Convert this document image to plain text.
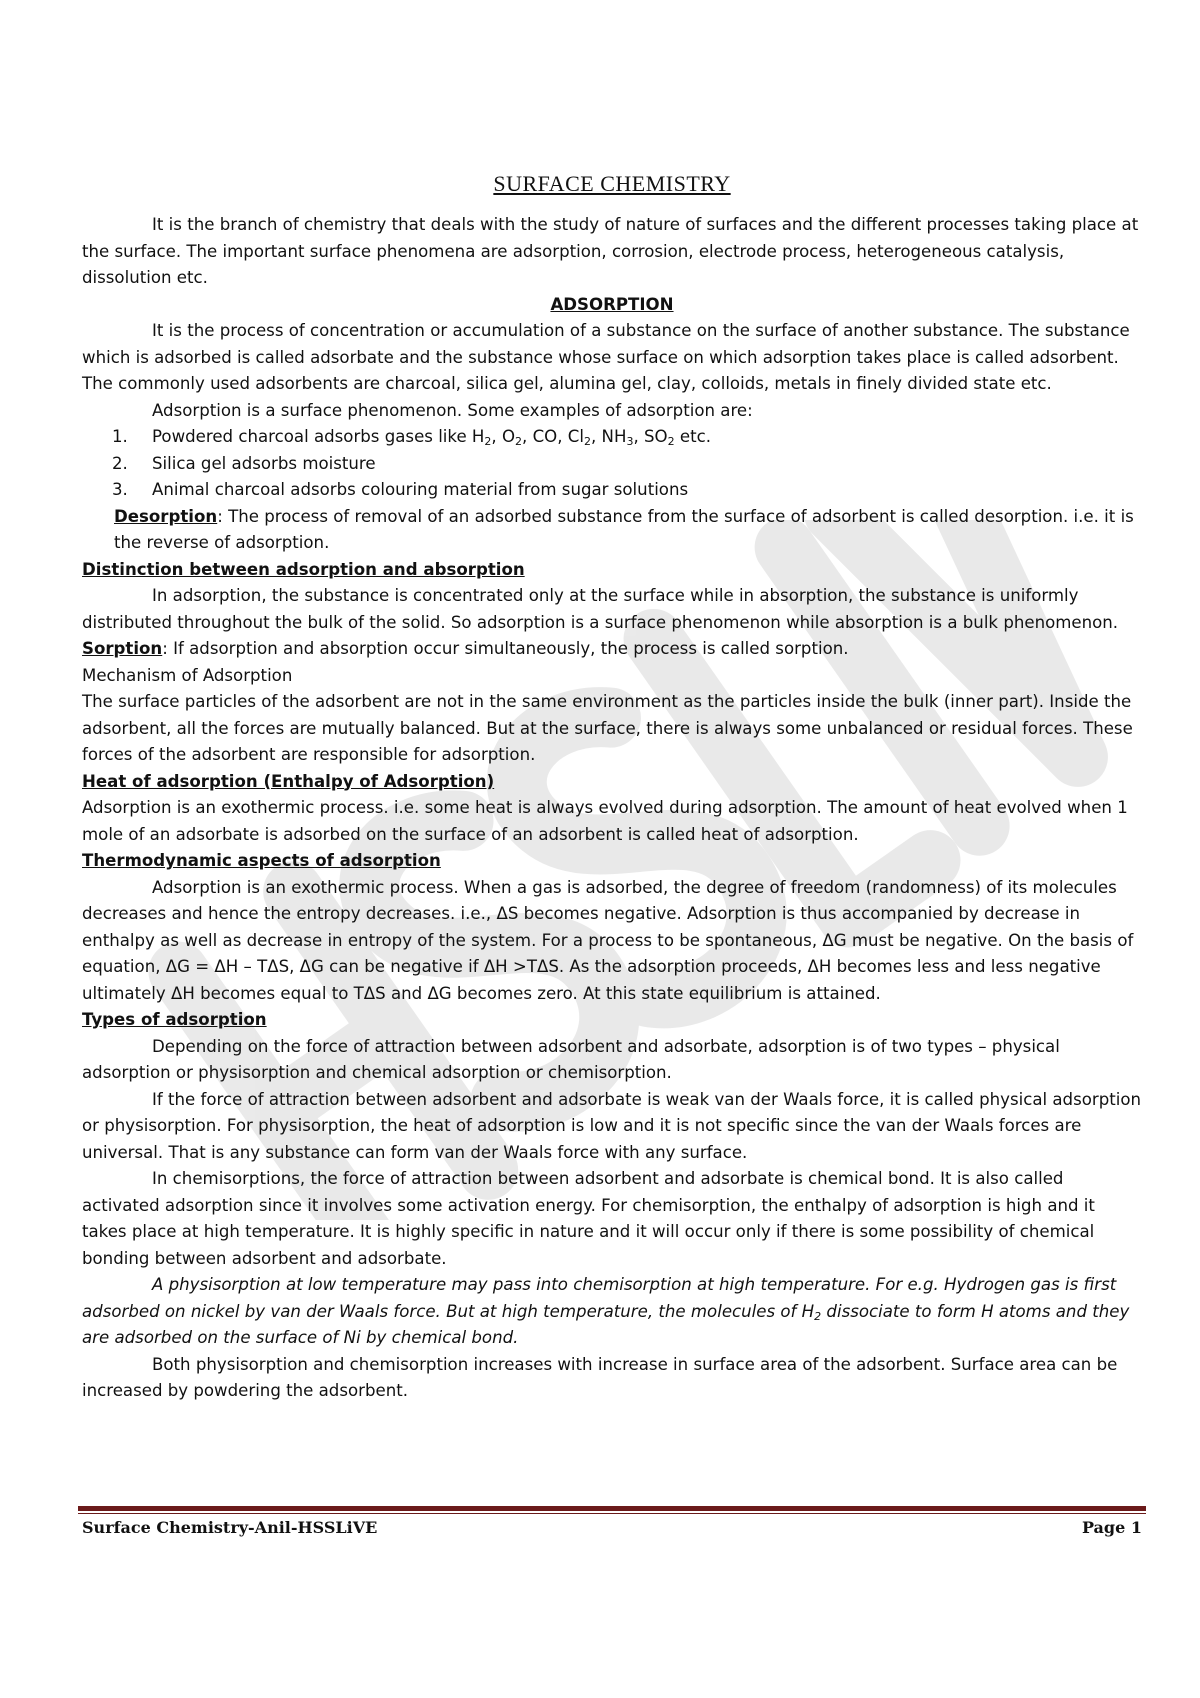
SURFACE CHEMISTRY

It is the branch of chemistry that deals with the study of nature of surfaces and the different processes taking place at the surface. The important surface phenomena are adsorption, corrosion, electrode process, heterogeneous catalysis, dissolution etc.

ADSORPTION

It is the process of concentration or accumulation of a substance on the surface of another substance. The substance which is adsorbed is called adsorbate and the substance whose surface on which adsorption takes place is called adsorbent. The commonly used adsorbents are charcoal, silica gel, alumina gel, clay, colloids, metals in finely divided state etc.

Adsorption is a surface phenomenon. Some examples of adsorption are:

1.	Powdered charcoal adsorbs gases like $H_2$, $O_2$, CO, $Cl_2$, $NH_3$, $SO_2$ etc.
2.	Silica gel adsorbs moisture
3.	Animal charcoal adsorbs colouring material from sugar solutions

Desorption: The process of removal of an adsorbed substance from the surface of adsorbent is called desorption. i.e. it is the reverse of adsorption.

Distinction between adsorption and absorption

In adsorption, the substance is concentrated only at the surface while in absorption, the substance is uniformly distributed throughout the bulk of the solid. So adsorption is a surface phenomenon while absorption is a bulk phenomenon.

Sorption: If adsorption and absorption occur simultaneously, the process is called sorption.

Mechanism of Adsorption

The surface particles of the adsorbent are not in the same environment as the particles inside the bulk (inner part). Inside the adsorbent, all the forces are mutually balanced. But at the surface, there is always some unbalanced or residual forces. These forces of the adsorbent are responsible for adsorption.

Heat of adsorption (Enthalpy of Adsorption)

Adsorption is an exothermic process. i.e. some heat is always evolved during adsorption. The amount of heat evolved when 1 mole of an adsorbate is adsorbed on the surface of an adsorbent is called heat of adsorption.

Thermodynamic aspects of adsorption

Adsorption is an exothermic process. When a gas is adsorbed, the degree of freedom (randomness) of its molecules decreases and hence the entropy decreases. i.e., ΔS becomes negative. Adsorption is thus accompanied by decrease in enthalpy as well as decrease in entropy of the system. For a process to be spontaneous, ΔG must be negative. On the basis of equation, ΔG = ΔH – TΔS, ΔG can be negative if ΔH >TΔS. As the adsorption proceeds, ΔH becomes less and less negative ultimately ΔH becomes equal to TΔS and ΔG becomes zero. At this state equilibrium is attained.

Types of adsorption

Depending on the force of attraction between adsorbent and adsorbate, adsorption is of two types – physical adsorption or physisorption and chemical adsorption or chemisorption.

If the force of attraction between adsorbent and adsorbate is weak van der Waals force, it is called physical adsorption or physisorption. For physisorption, the heat of adsorption is low and it is not specific since the van der Waals forces are universal. That is any substance can form van der Waals force with any surface.

In chemisorptions, the force of attraction between adsorbent and adsorbate is chemical bond. It is also called activated adsorption since it involves some activation energy. For chemisorption, the enthalpy of adsorption is high and it takes place at high temperature. It is highly specific in nature and it will occur only if there is some possibility of chemical bonding between adsorbent and adsorbate.

A physisorption at low temperature may pass into chemisorption at high temperature. For e.g. Hydrogen gas is first adsorbed on nickel by van der Waals force. But at high temperature, the molecules of $H_2$ dissociate to form H atoms and they are adsorbed on the surface of Ni by chemical bond.

Both physisorption and chemisorption increases with increase in surface area of the adsorbent. Surface area can be increased by powdering the adsorbent.

Surface Chemistry-Anil-HSSLiVE	Page 1
